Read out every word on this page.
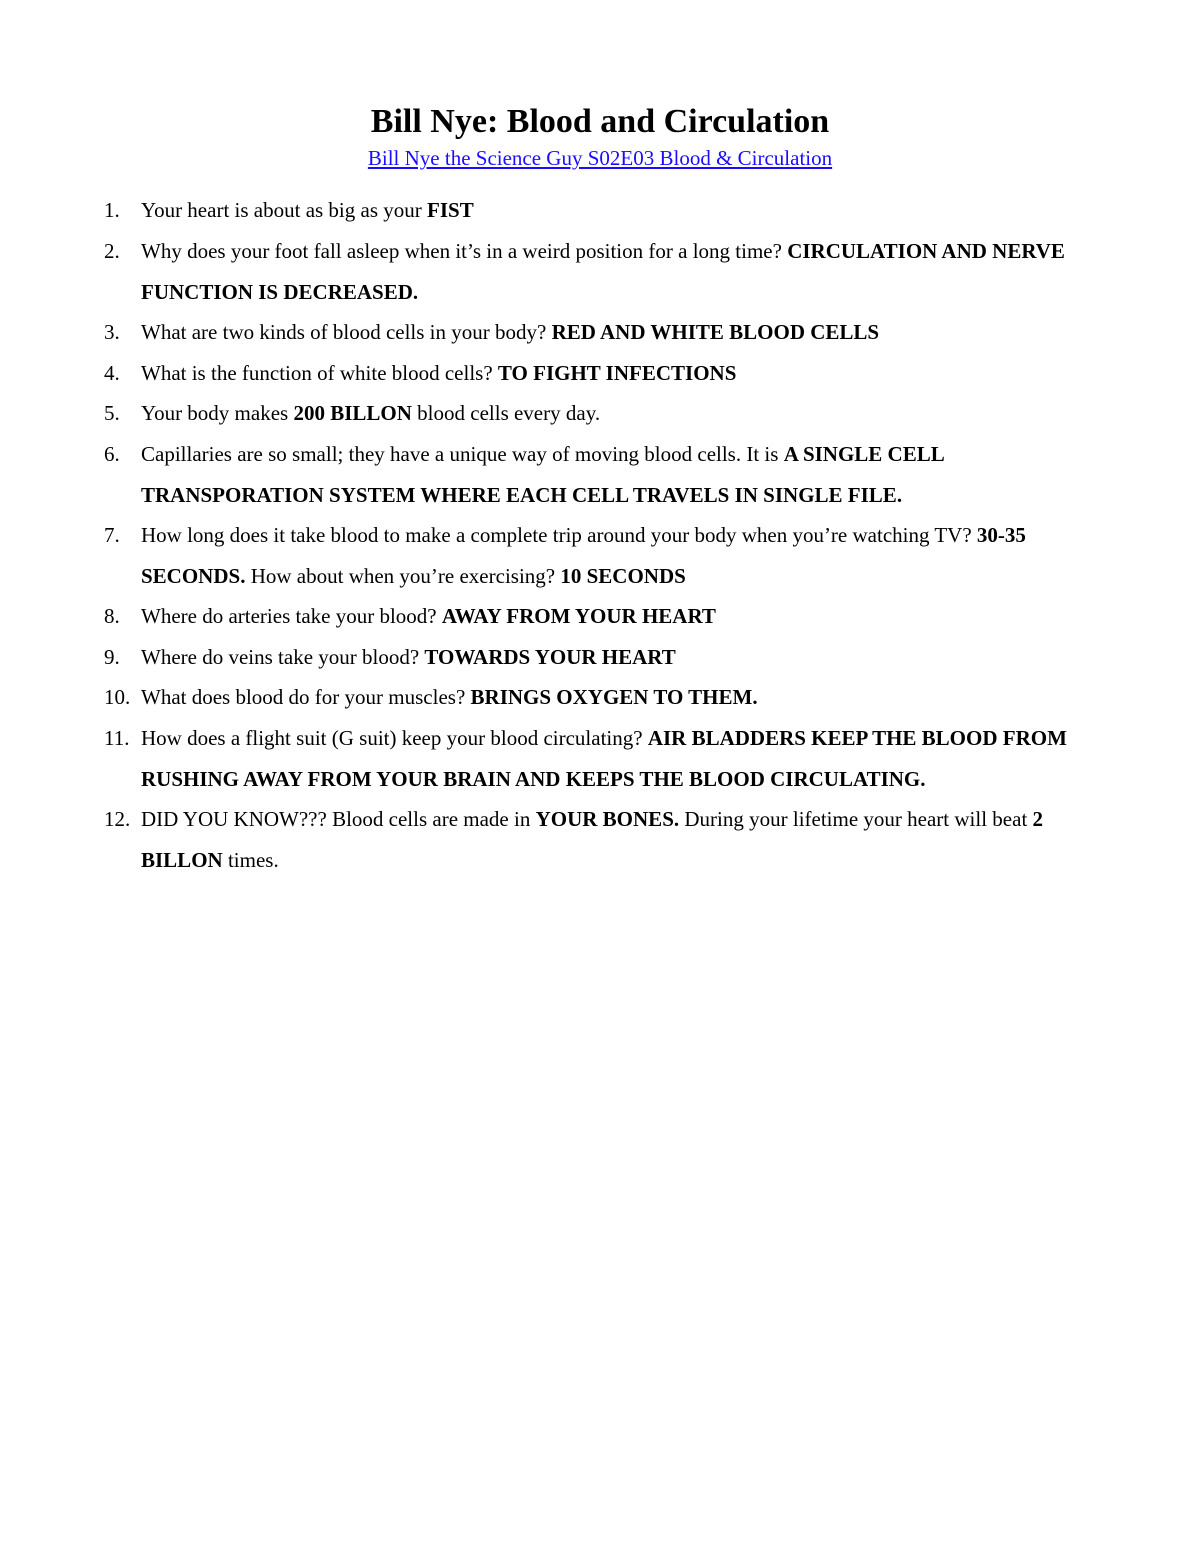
Bill Nye: Blood and Circulation
Bill Nye the Science Guy S02E03 Blood & Circulation
1. Your heart is about as big as your FIST
2. Why does your foot fall asleep when it’s in a weird position for a long time? CIRCULATION AND NERVE FUNCTION IS DECREASED.
3. What are two kinds of blood cells in your body? RED AND WHITE BLOOD CELLS
4. What is the function of white blood cells? TO FIGHT INFECTIONS
5. Your body makes 200 BILLON blood cells every day.
6. Capillaries are so small; they have a unique way of moving blood cells. It is A SINGLE CELL TRANSPORATION SYSTEM WHERE EACH CELL TRAVELS IN SINGLE FILE.
7. How long does it take blood to make a complete trip around your body when you’re watching TV? 30-35 SECONDS. How about when you’re exercising? 10 SECONDS
8. Where do arteries take your blood? AWAY FROM YOUR HEART
9. Where do veins take your blood? TOWARDS YOUR HEART
10. What does blood do for your muscles? BRINGS OXYGEN TO THEM.
11. How does a flight suit (G suit) keep your blood circulating? AIR BLADDERS KEEP THE BLOOD FROM RUSHING AWAY FROM YOUR BRAIN AND KEEPS THE BLOOD CIRCULATING.
12. DID YOU KNOW??? Blood cells are made in YOUR BONES. During your lifetime your heart will beat 2 BILLON times.
